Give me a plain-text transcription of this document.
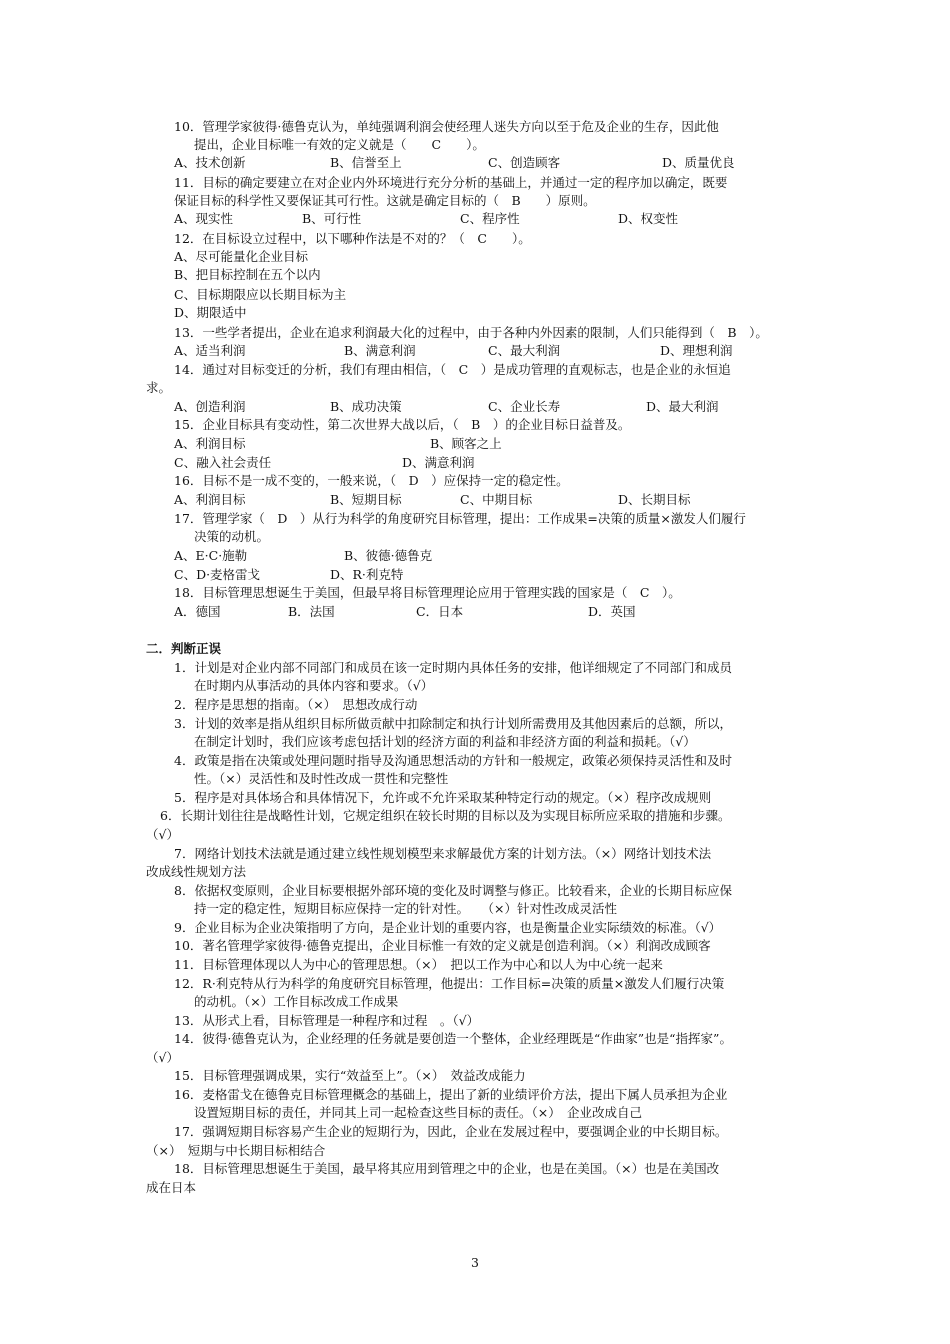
10．管理学家彼得·德鲁克认为，单纯强调利润会使经理人迷失方向以至于危及企业的生存，因此他
提出，企业目标唯一有效的定义就是（　　C　　）。
A、技术创新	B、信誉至上	C、创造顾客	D、质量优良
11．目标的确定要建立在对企业内外环境进行充分分析的基础上，并通过一定的程序加以确定，既要
保证目标的科学性又要保证其可行性。这就是确定目标的（　B　　）原则。
A、现实性	B、可行性	C、程序性	D、权变性
12．在目标设立过程中，以下哪种作法是不对的？（　C　　）。
A、尽可能量化企业目标
B、把目标控制在五个以内
C、目标期限应以长期目标为主
D、期限适中
13．一些学者提出，企业在追求利润最大化的过程中，由于各种内外因素的限制，人们只能得到（　B　）。
A、适当利润	B、满意利润	C、最大利润	D、理想利润
14．通过对目标变迁的分析，我们有理由相信，（　C　）是成功管理的直观标志，也是企业的永恒追
求。
A、创造利润	B、成功决策	C、企业长寿	D、最大利润
15．企业目标具有变动性，第二次世界大战以后，（　B　）的企业目标日益普及。
A、利润目标	B、顾客之上
C、融入社会责任	D、满意利润
16．目标不是一成不变的，一般来说，（　D　）应保持一定的稳定性。
A、利润目标	B、短期目标	C、中期目标	D、长期目标
17．管理学家（　D　）从行为科学的角度研究目标管理，提出：工作成果=决策的质量×激发人们履行
决策的动机。
A、E·C·施勒	B、彼德·德鲁克
C、D·麦格雷戈	D、R·利克特
18．目标管理思想诞生于美国，但最早将目标管理理论应用于管理实践的国家是（　C　）。
A．德国	B．法国	C．日本	D．英国
二．判断正误
1．计划是对企业内部不同部门和成员在该一定时期内具体任务的安排，他详细规定了不同部门和成员
在时期内从事活动的具体内容和要求。（√）
2．程序是思想的指南。（×）　思想改成行动
3．计划的效率是指从组织目标所做贡献中扣除制定和执行计划所需费用及其他因素后的总额，所以，
在制定计划时，我们应该考虑包括计划的经济方面的利益和非经济方面的利益和损耗。（√）
4．政策是指在决策或处理问题时指导及沟通思想活动的方针和一般规定，政策必须保持灵活性和及时
性。（×）灵活性和及时性改成一贯性和完整性
5．程序是对具体场合和具体情况下，允许或不允许采取某种特定行动的规定。（×）程序改成规则
6．长期计划往往是战略性计划，它规定组织在较长时期的目标以及为实现目标所应采取的措施和步骤。
（√）
7．网络计划技术法就是通过建立线性规划模型来求解最优方案的计划方法。（×）网络计划技术法
改成线性规划方法
8．依据权变原则，企业目标要根据外部环境的变化及时调整与修正。比较看来，企业的长期目标应保
持一定的稳定性，短期目标应保持一定的针对性。　　（×）针对性改成灵活性
9．企业目标为企业决策指明了方向，是企业计划的重要内容，也是衡量企业实际绩效的标准。（√）
10．著名管理学家彼得·德鲁克提出，企业目标惟一有效的定义就是创造利润。（×）利润改成顾客
11．目标管理体现以人为中心的管理思想。（×）　把以工作为中心和以人为中心统一起来
12．R·利克特从行为科学的角度研究目标管理，他提出：工作目标=决策的质量×激发人们履行决策
的动机。（×）工作目标改成工作成果
13．从形式上看，目标管理是一种程序和过程　。（√）
14．彼得·德鲁克认为，企业经理的任务就是要创造一个整体，企业经理既是“作曲家”也是“指挥家”。
（√）
15．目标管理强调成果，实行“效益至上”。（×）　效益改成能力
16．麦格雷戈在德鲁克目标管理概念的基础上，提出了新的业绩评价方法，提出下属人员承担为企业
设置短期目标的责任，并同其上司一起检查这些目标的责任。（×）　企业改成自己
17．强调短期目标容易产生企业的短期行为，因此，企业在发展过程中，要强调企业的中长期目标。
（×）　短期与中长期目标相结合
18．目标管理思想诞生于美国，最早将其应用到管理之中的企业，也是在美国。（×）也是在美国改
成在日本
3
